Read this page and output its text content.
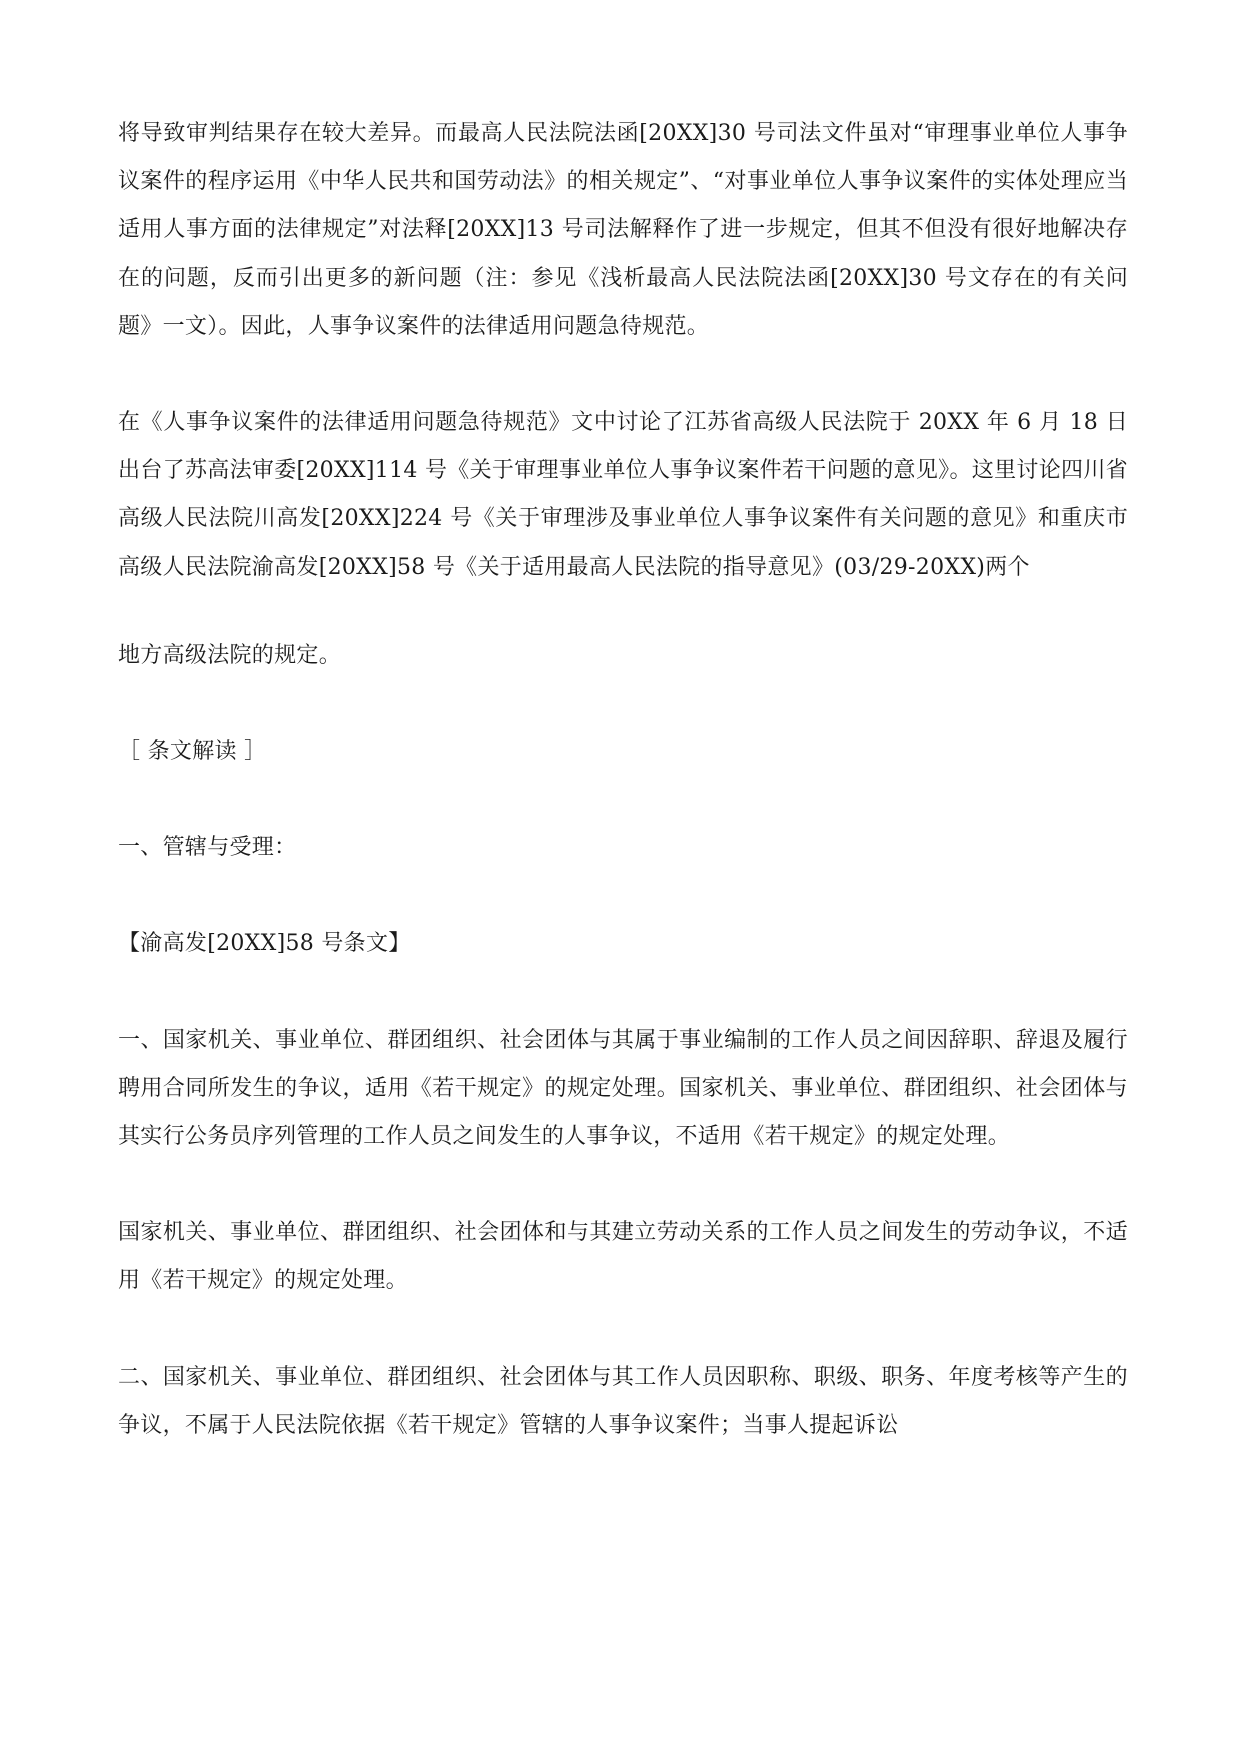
将导致审判结果存在较大差异。而最高人民法院法函[20XX]30 号司法文件虽对“审理事业单位人事争议案件的程序运用《中华人民共和国劳动法》的相关规定”、“对事业单位人事争议案件的实体处理应当适用人事方面的法律规定”对法释[20XX]13 号司法解释作了进一步规定，但其不但没有很好地解决存在的问题，反而引出更多的新问题（注：参见《浅析最高人民法院法函[20XX]30 号文存在的有关问题》一文）。因此，人事争议案件的法律适用问题急待规范。

在《人事争议案件的法律适用问题急待规范》文中讨论了江苏省高级人民法院于 20XX 年 6 月 18 日出台了苏高法审委[20XX]114 号《关于审理事业单位人事争议案件若干问题的意见》。这里讨论四川省高级人民法院川高发[20XX]224 号《关于审理涉及事业单位人事争议案件有关问题的意见》和重庆市高级人民法院渝高发[20XX]58 号《关于适用最高人民法院的指导意见》(03/29-20XX)两个

地方高级法院的规定。

［ 条文解读 ］

一、管辖与受理：

【渝高发[20XX]58 号条文】

一、国家机关、事业单位、群团组织、社会团体与其属于事业编制的工作人员之间因辞职、辞退及履行聘用合同所发生的争议，适用《若干规定》的规定处理。国家机关、事业单位、群团组织、社会团体与其实行公务员序列管理的工作人员之间发生的人事争议，不适用《若干规定》的规定处理。

国家机关、事业单位、群团组织、社会团体和与其建立劳动关系的工作人员之间发生的劳动争议，不适用《若干规定》的规定处理。

二、国家机关、事业单位、群团组织、社会团体与其工作人员因职称、职级、职务、年度考核等产生的争议，不属于人民法院依据《若干规定》管辖的人事争议案件；当事人提起诉讼
